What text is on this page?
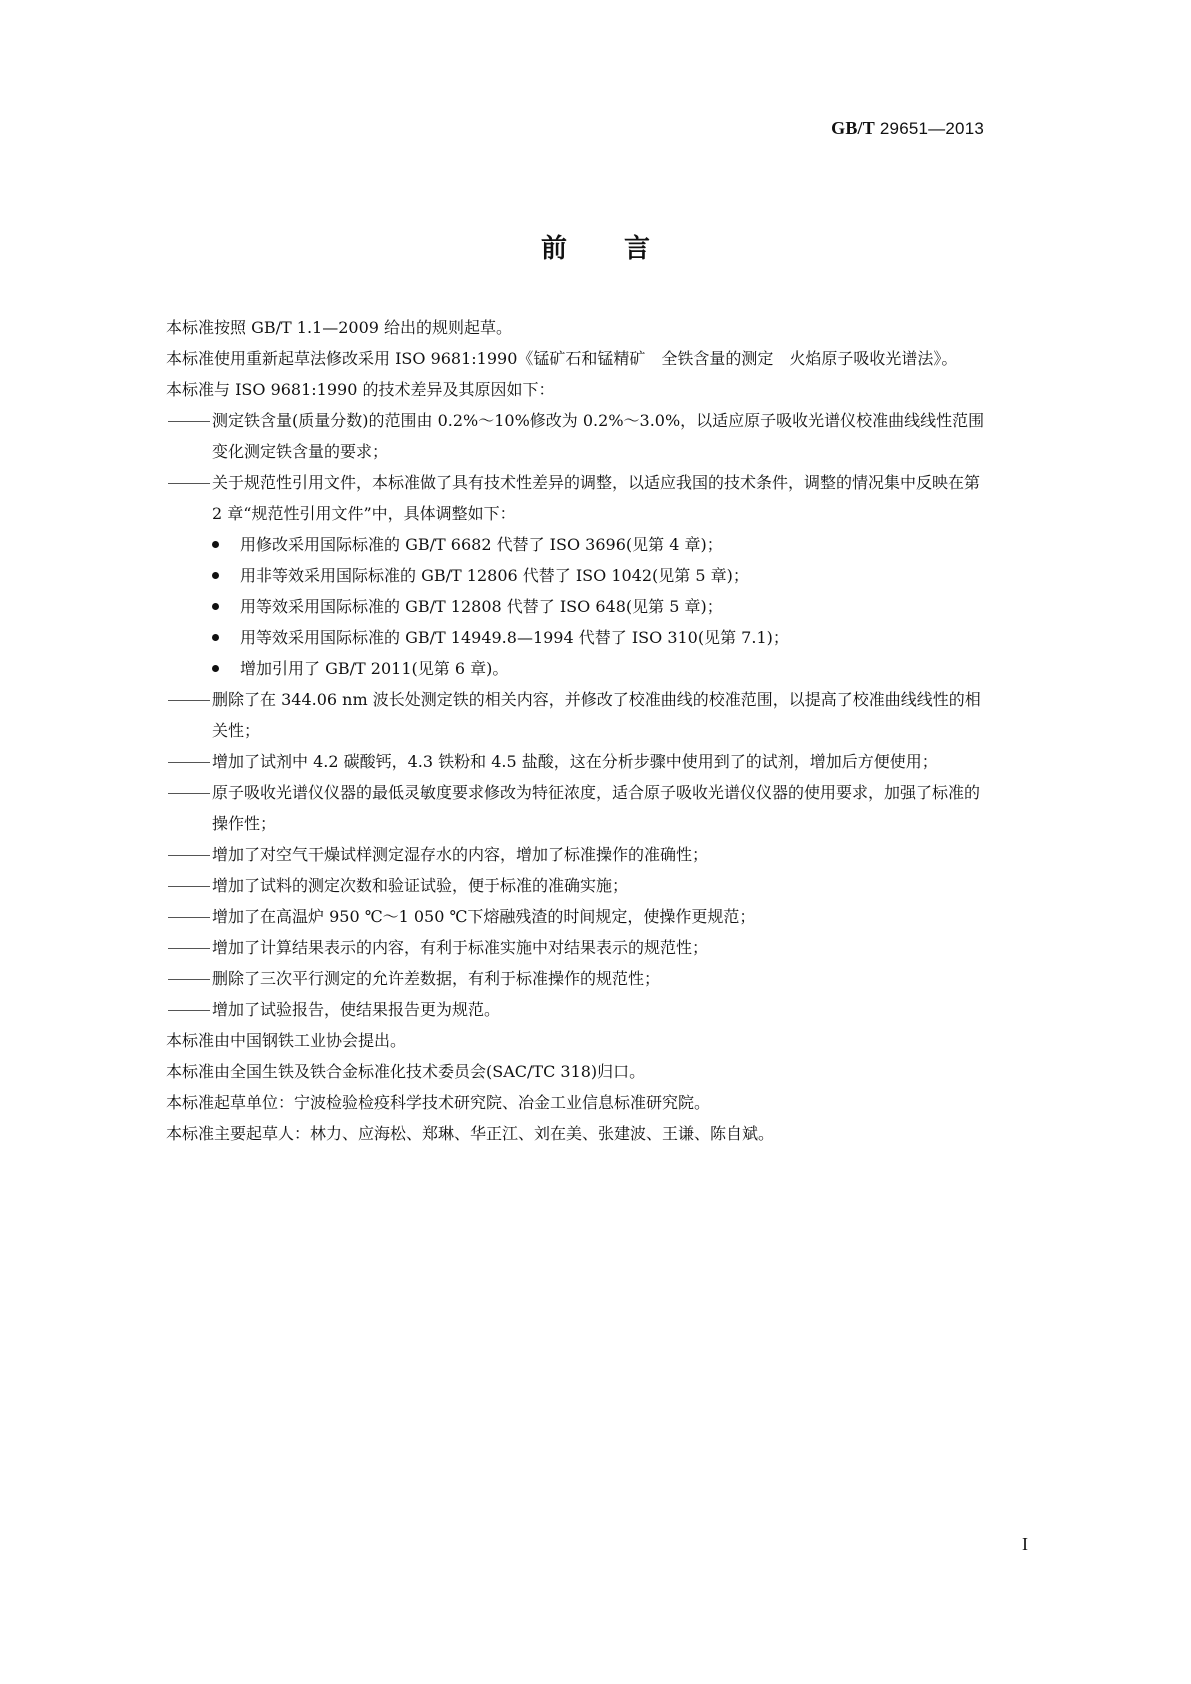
GB/T 29651—2013
前 言

本标准按照 GB/T 1.1—2009 给出的规则起草。

本标准使用重新起草法修改采用 ISO 9681:1990《锰矿石和锰精矿　全铁含量的测定　火焰原子吸收光谱法》。

本标准与 ISO 9681:1990 的技术差异及其原因如下：

测定铁含量(质量分数)的范围由 0.2%～10%修改为 0.2%～3.0%，以适应原子吸收光谱仪校准曲线线性范围变化测定铁含量的要求；

关于规范性引用文件，本标准做了具有技术性差异的调整，以适应我国的技术条件，调整的情况集中反映在第 2 章“规范性引用文件”中，具体调整如下：

用修改采用国际标准的 GB/T 6682 代替了 ISO 3696(见第 4 章)；

用非等效采用国际标准的 GB/T 12806 代替了 ISO 1042(见第 5 章)；

用等效采用国际标准的 GB/T 12808 代替了 ISO 648(见第 5 章)；

用等效采用国际标准的 GB/T 14949.8—1994 代替了 ISO 310(见第 7.1)；

增加引用了 GB/T 2011(见第 6 章)。

删除了在 344.06 nm 波长处测定铁的相关内容，并修改了校准曲线的校准范围，以提高了校准曲线线性的相关性；

增加了试剂中 4.2 碳酸钙，4.3 铁粉和 4.5 盐酸，这在分析步骤中使用到了的试剂，增加后方便使用；

原子吸收光谱仪仪器的最低灵敏度要求修改为特征浓度，适合原子吸收光谱仪仪器的使用要求，加强了标准的操作性；

增加了对空气干燥试样测定湿存水的内容，增加了标准操作的准确性；

增加了试料的测定次数和验证试验，便于标准的准确实施；

增加了在高温炉 950 ℃～1 050 ℃下熔融残渣的时间规定，使操作更规范；

增加了计算结果表示的内容，有利于标准实施中对结果表示的规范性；

删除了三次平行测定的允许差数据，有利于标准操作的规范性；

增加了试验报告，使结果报告更为规范。

本标准由中国钢铁工业协会提出。

本标准由全国生铁及铁合金标准化技术委员会(SAC/TC 318)归口。

本标准起草单位：宁波检验检疫科学技术研究院、冶金工业信息标准研究院。

本标准主要起草人：林力、应海松、郑琳、华正江、刘在美、张建波、王谦、陈自斌。

I
